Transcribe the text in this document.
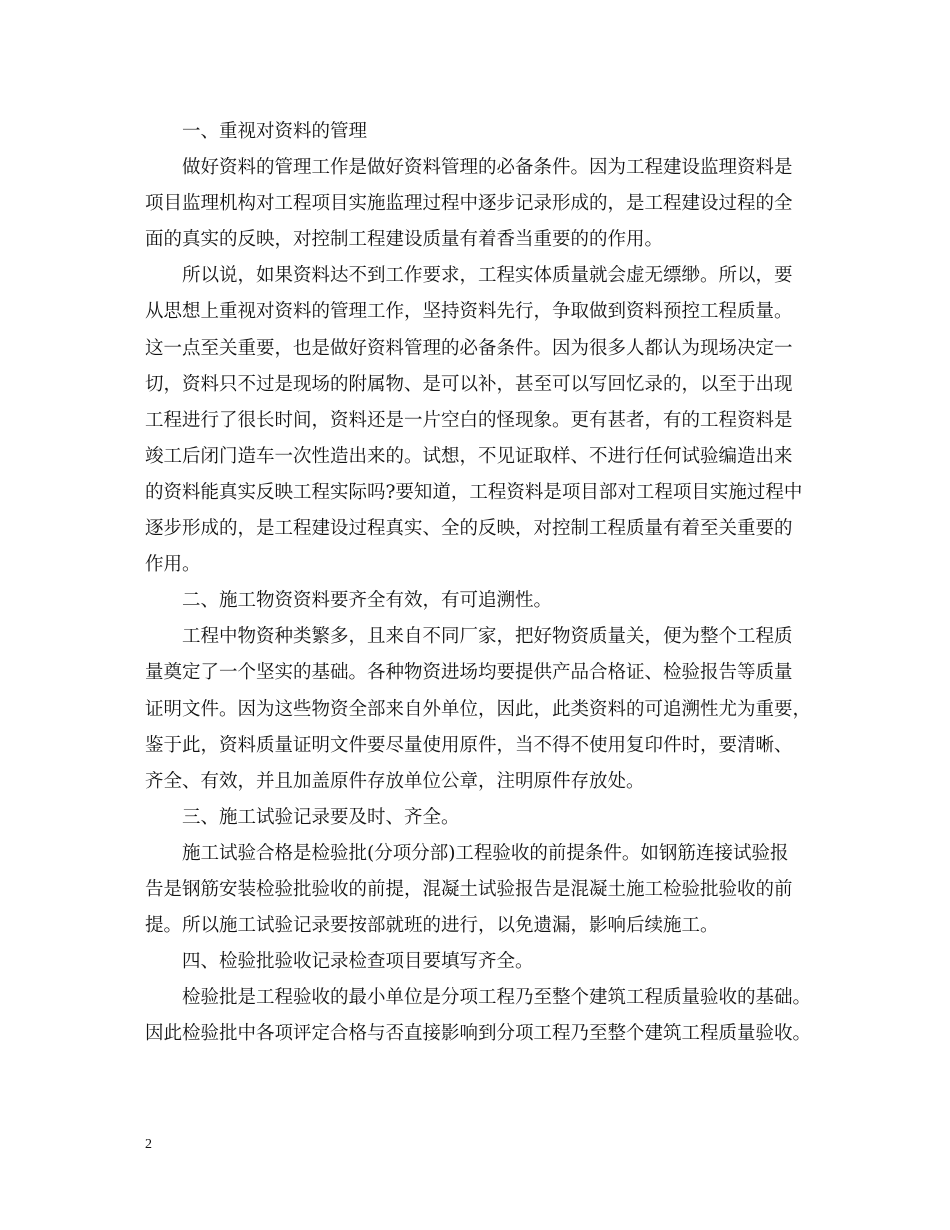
一、重视对资料的管理
做好资料的管理工作是做好资料管理的必备条件。因为工程建设监理资料是
项目监理机构对工程项目实施监理过程中逐步记录形成的，是工程建设过程的全
面的真实的反映，对控制工程建设质量有着香当重要的的作用。
所以说，如果资料达不到工作要求，工程实体质量就会虚无缥缈。所以，要
从思想上重视对资料的管理工作，坚持资料先行，争取做到资料预控工程质量。
这一点至关重要，也是做好资料管理的必备条件。因为很多人都认为现场决定一
切，资料只不过是现场的附属物、是可以补，甚至可以写回忆录的，以至于出现
工程进行了很长时间，资料还是一片空白的怪现象。更有甚者，有的工程资料是
竣工后闭门造车一次性造出来的。试想，不见证取样、不进行任何试验编造出来
的资料能真实反映工程实际吗?要知道，工程资料是项目部对工程项目实施过程中
逐步形成的，是工程建设过程真实、全的反映，对控制工程质量有着至关重要的
作用。
二、施工物资资料要齐全有效，有可追溯性。
工程中物资种类繁多，且来自不同厂家，把好物资质量关，便为整个工程质
量奠定了一个坚实的基础。各种物资进场均要提供产品合格证、检验报告等质量
证明文件。因为这些物资全部来自外单位，因此，此类资料的可追溯性尤为重要，
鉴于此，资料质量证明文件要尽量使用原件，当不得不使用复印件时，要清晰、
齐全、有效，并且加盖原件存放单位公章，注明原件存放处。
三、施工试验记录要及时、齐全。
施工试验合格是检验批(分项分部)工程验收的前提条件。如钢筋连接试验报
告是钢筋安装检验批验收的前提，混凝土试验报告是混凝土施工检验批验收的前
提。所以施工试验记录要按部就班的进行，以免遗漏，影响后续施工。
四、检验批验收记录检查项目要填写齐全。
检验批是工程验收的最小单位是分项工程乃至整个建筑工程质量验收的基础。
因此检验批中各项评定合格与否直接影响到分项工程乃至整个建筑工程质量验收。
2
